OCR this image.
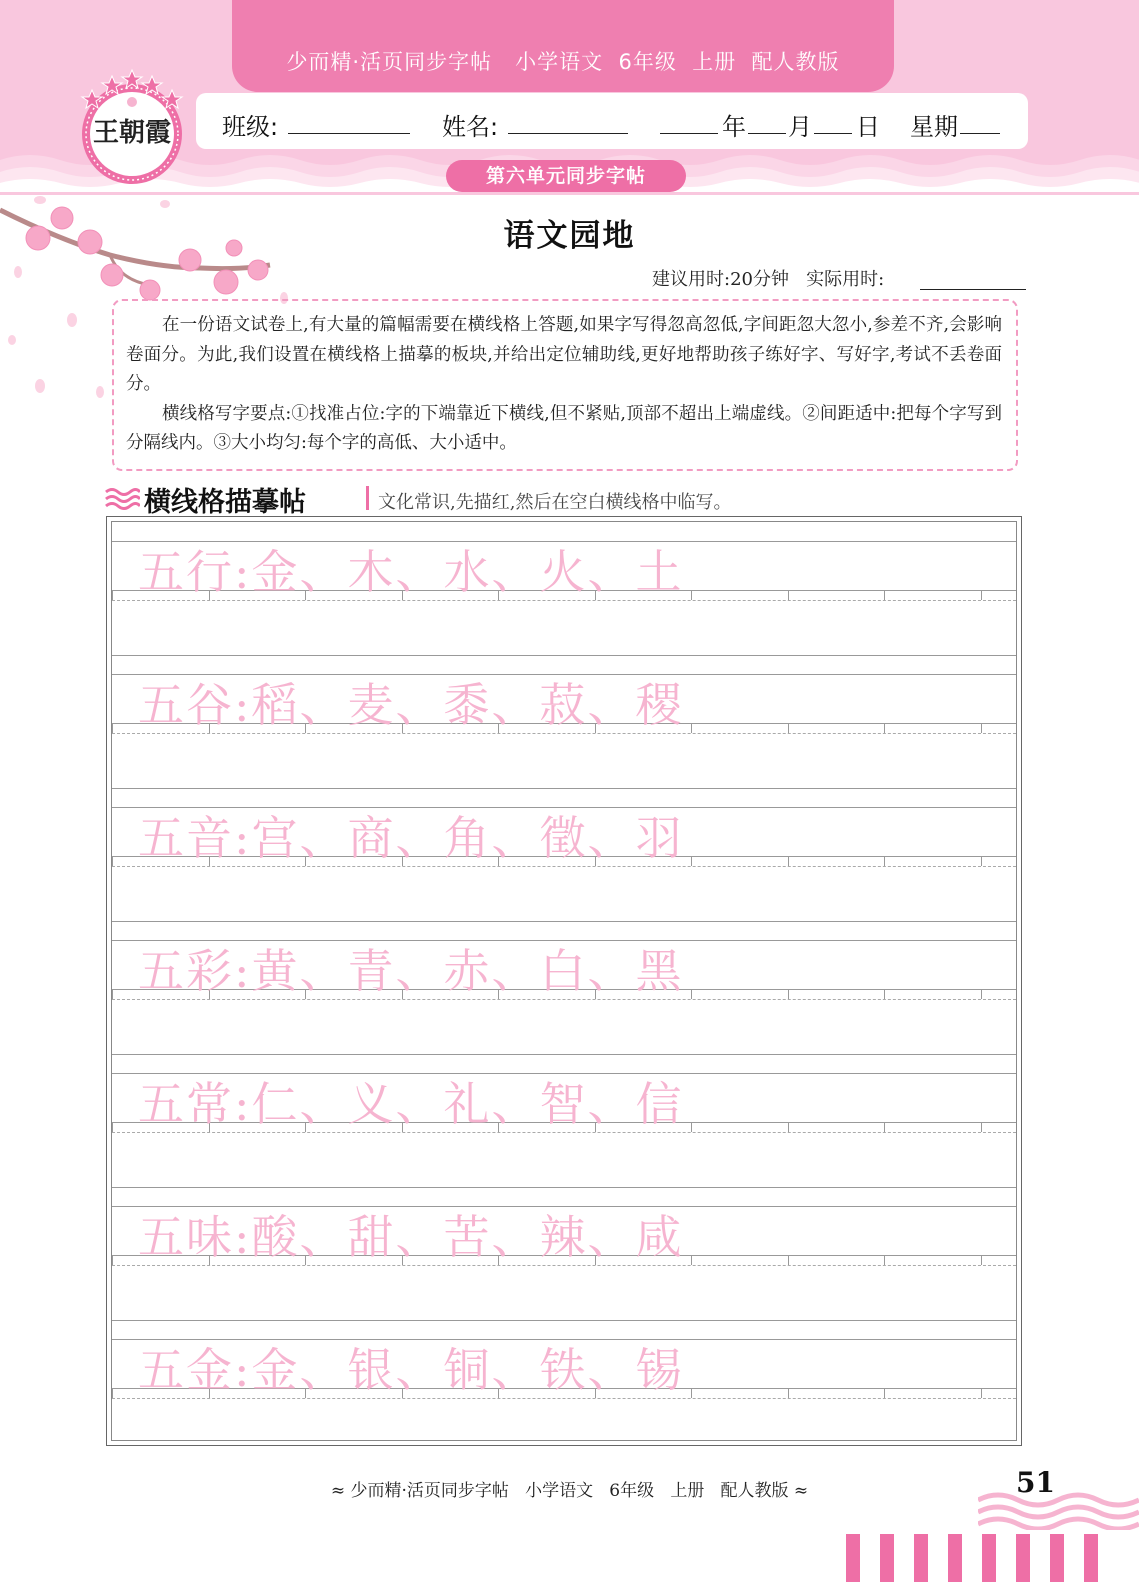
少而精·活页同步字帖   小学语文  6年级  上册  配人教版
班级:	姓名:	年 月 日 星期
王朝霞
第六单元同步字帖
语文园地
建议用时:20分钟   实际用时:

在一份语文试卷上,有大量的篇幅需要在横线格上答题,如果字写得忽高忽低,字间距忽大忽小,参差不齐,会影响卷面分。为此,我们设置在横线格上描摹的板块,并给出定位辅助线,更好地帮助孩子练好字、写好字,考试不丢卷面分。

横线格写字要点:①找准占位:字的下端靠近下横线,但不紧贴,顶部不超出上端虚线。②间距适中:把每个字写到分隔线内。③大小均匀:每个字的高低、大小适中。

横线格描摹帖	文化常识,先描红,然后在空白横线格中临写。
五行:金、木、水、火、土
五谷:稻、麦、黍、菽、稷
五音:宫、商、角、徵、羽
五彩:黄、青、赤、白、黑
五常:仁、义、礼、智、信
五味:酸、甜、苦、辣、咸
五金:金、银、铜、铁、锡
≈ 少而精·活页同步字帖   小学语文   6年级   上册   配人教版 ≈	51
